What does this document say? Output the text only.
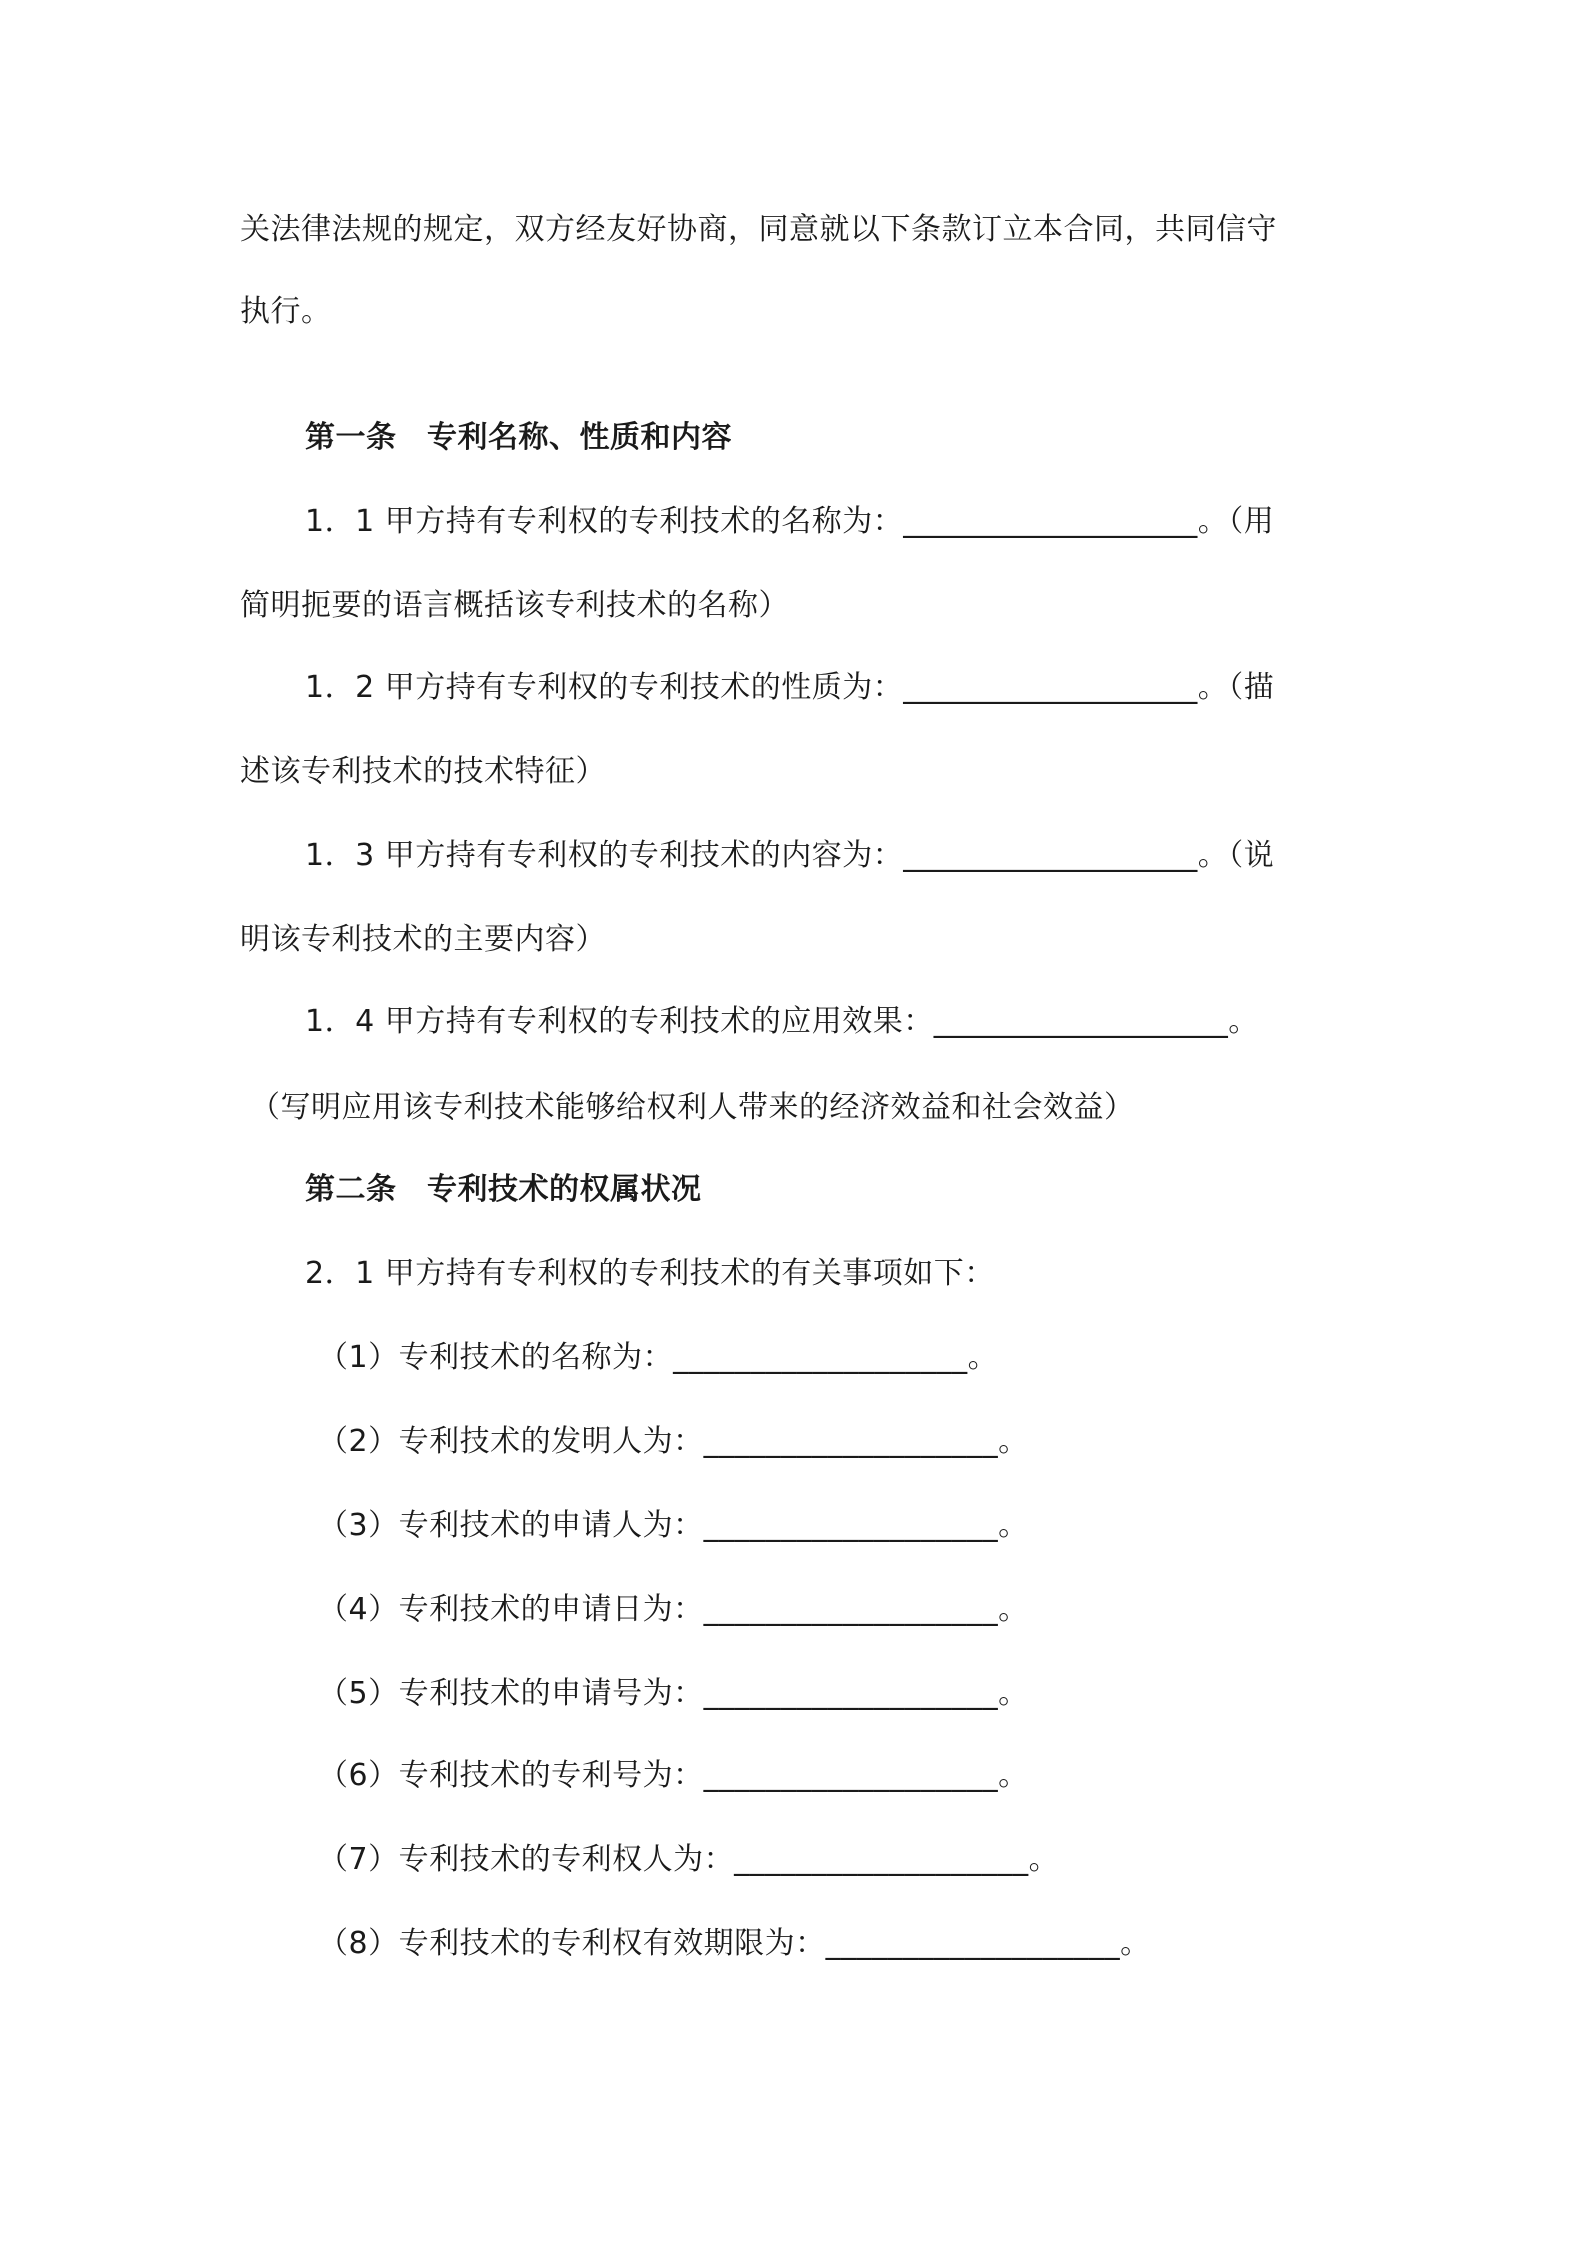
关法律法规的规定，双方经友好协商，同意就以下条款订立本合同，共同信守
执行。
第一条　专利名称、性质和内容
1．1 甲方持有专利权的专利技术的名称为：___________________。（用
简明扼要的语言概括该专利技术的名称）
1．2 甲方持有专利权的专利技术的性质为：___________________。（描
述该专利技术的技术特征）
1．3 甲方持有专利权的专利技术的内容为：___________________。（说
明该专利技术的主要内容）
1．4 甲方持有专利权的专利技术的应用效果：___________________。
（写明应用该专利技术能够给权利人带来的经济效益和社会效益）
第二条　专利技术的权属状况
2．1 甲方持有专利权的专利技术的有关事项如下：
（1）专利技术的名称为：___________________。
（2）专利技术的发明人为：___________________。
（3）专利技术的申请人为：___________________。
（4）专利技术的申请日为：___________________。
（5）专利技术的申请号为：___________________。
（6）专利技术的专利号为：___________________。
（7）专利技术的专利权人为：___________________。
（8）专利技术的专利权有效期限为：___________________。
